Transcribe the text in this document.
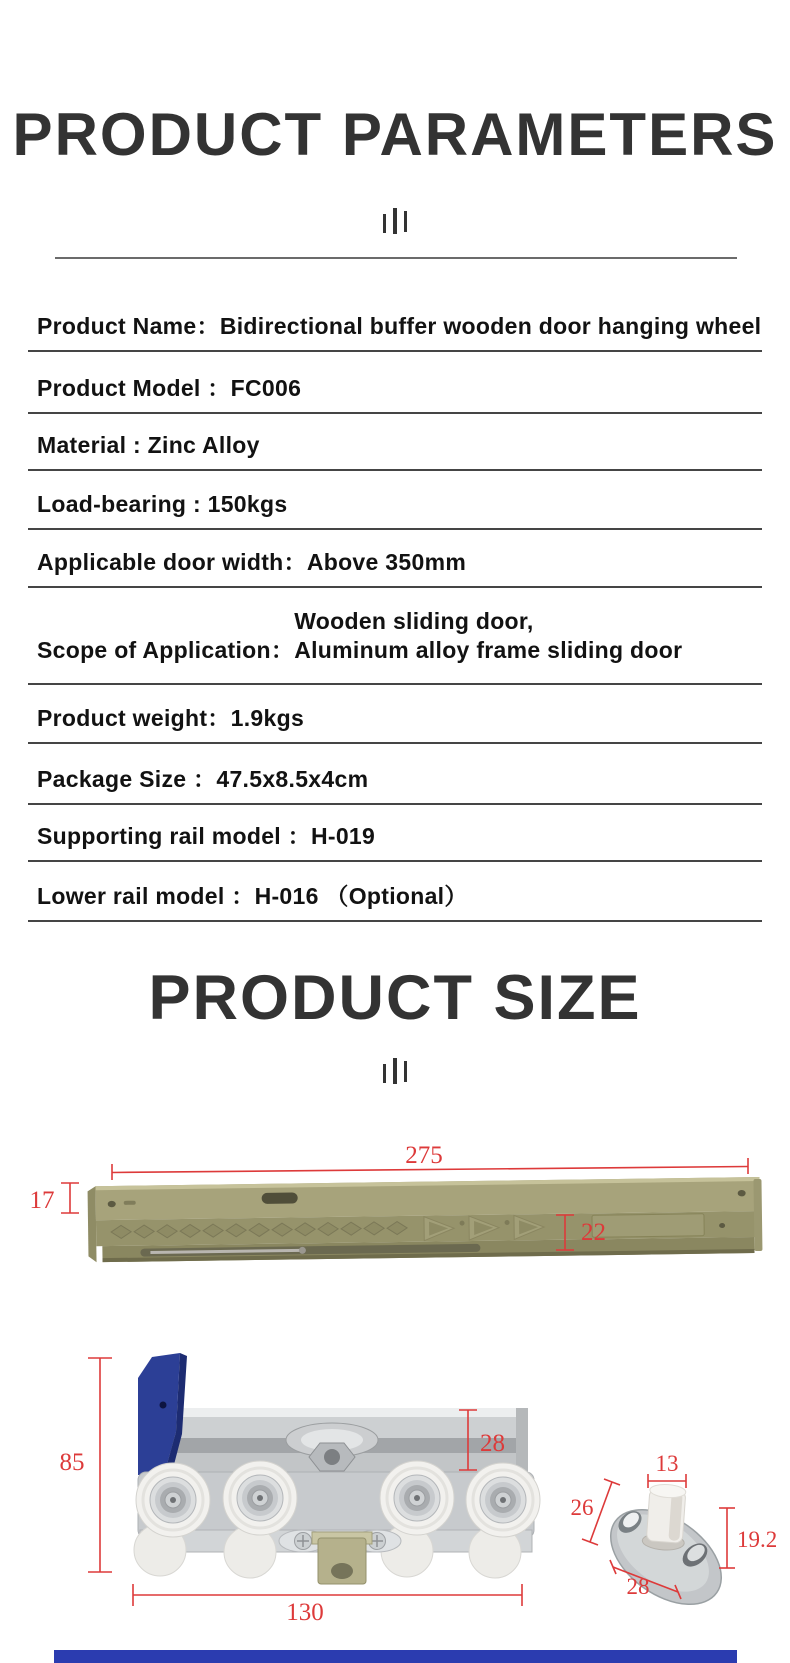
PRODUCT PARAMETERS
Product Name： Bidirectional buffer wooden door hanging wheel
Product Model ： FC006
Material : Zinc Alloy
Load-bearing : 150kgs
Applicable door width： Above 350mm
Scope of Application：
Wooden sliding door,
Aluminum alloy frame sliding door
Product weight： 1.9kgs
Package Size ： 47.5x8.5x4cm
Supporting rail model ： H-019
Lower rail model ： H-016 （Optional）
PRODUCT SIZE
275
17
22
85
28
130
13
26
19.2
28
